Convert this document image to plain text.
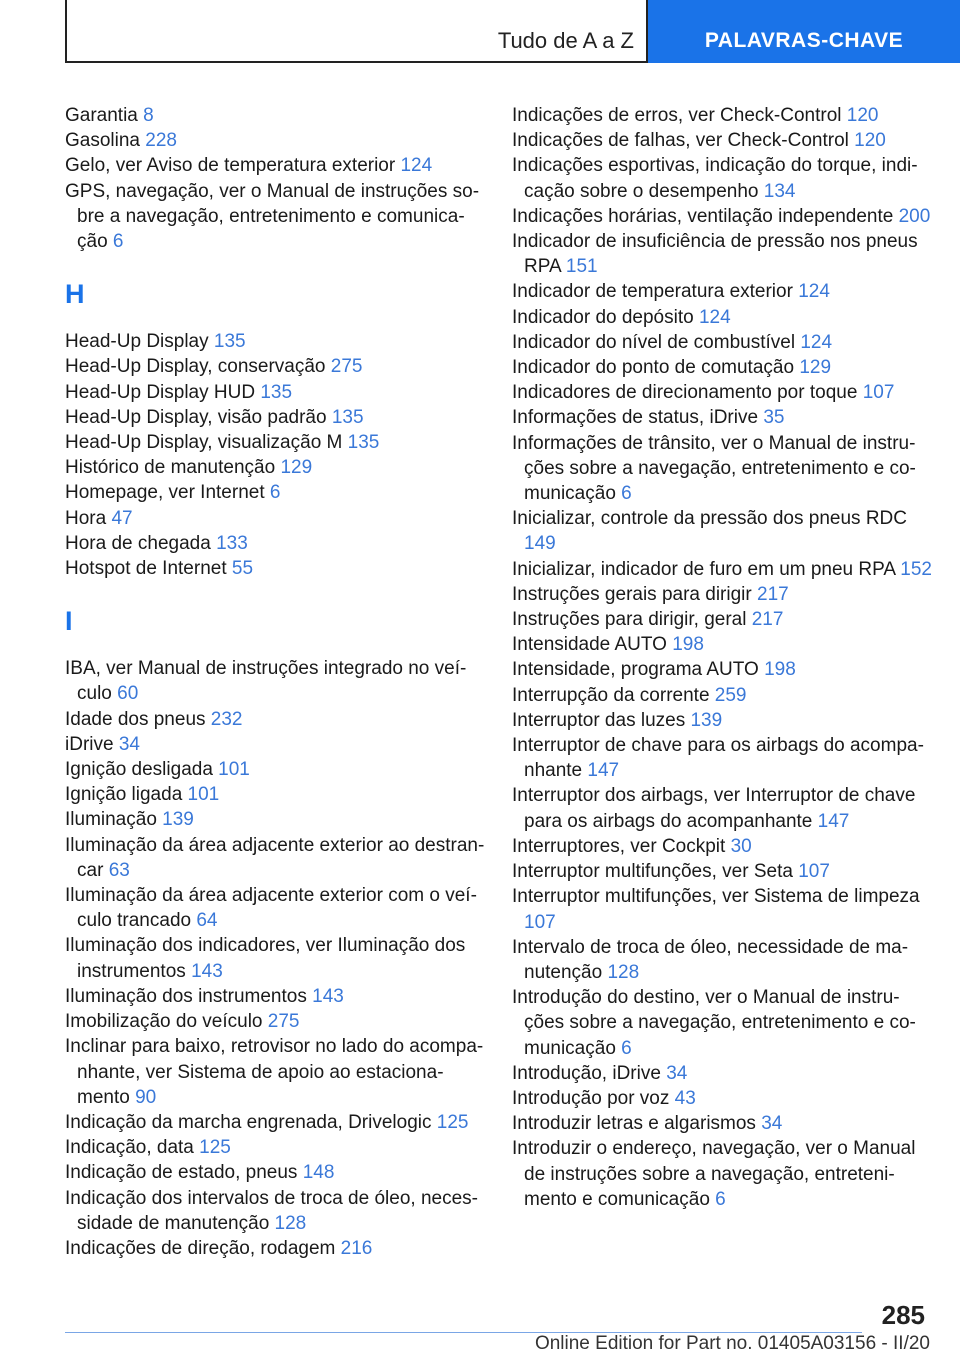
Tudo de A a Z	PALAVRAS-CHAVE
Garantia 8
Gasolina 228
Gelo, ver Aviso de temperatura exterior 124
GPS, navegação, ver o Manual de instruções sobre a navegação, entretenimento e comunicação 6
H
Head-Up Display 135
Head-Up Display, conservação 275
Head-Up Display HUD 135
Head-Up Display, visão padrão 135
Head-Up Display, visualização M 135
Histórico de manutenção 129
Homepage, ver Internet 6
Hora 47
Hora de chegada 133
Hotspot de Internet 55
I
IBA, ver Manual de instruções integrado no veículo 60
Idade dos pneus 232
iDrive 34
Ignição desligada 101
Ignição ligada 101
Iluminação 139
Iluminação da área adjacente exterior ao destrancar 63
Iluminação da área adjacente exterior com o veículo trancado 64
Iluminação dos indicadores, ver Iluminação dos instrumentos 143
Iluminação dos instrumentos 143
Imobilização do veículo 275
Inclinar para baixo, retrovisor no lado do acompanhante, ver Sistema de apoio ao estacionamento 90
Indicação da marcha engrenada, Drivelogic 125
Indicação, data 125
Indicação de estado, pneus 148
Indicação dos intervalos de troca de óleo, necessidade de manutenção 128
Indicações de direção, rodagem 216
Indicações de erros, ver Check-Control 120
Indicações de falhas, ver Check-Control 120
Indicações esportivas, indicação do torque, indicação sobre o desempenho 134
Indicações horárias, ventilação independente 200
Indicador de insuficiência de pressão nos pneus RPA 151
Indicador de temperatura exterior 124
Indicador do depósito 124
Indicador do nível de combustível 124
Indicador do ponto de comutação 129
Indicadores de direcionamento por toque 107
Informações de status, iDrive 35
Informações de trânsito, ver o Manual de instruções sobre a navegação, entretenimento e comunicação 6
Inicializar, controle da pressão dos pneus RDC 149
Inicializar, indicador de furo em um pneu RPA 152
Instruções gerais para dirigir 217
Instruções para dirigir, geral 217
Intensidade AUTO 198
Intensidade, programa AUTO 198
Interrupção da corrente 259
Interruptor das luzes 139
Interruptor de chave para os airbags do acompanhante 147
Interruptor dos airbags, ver Interruptor de chave para os airbags do acompanhante 147
Interruptores, ver Cockpit 30
Interruptor multifunções, ver Seta 107
Interruptor multifunções, ver Sistema de limpeza 107
Intervalo de troca de óleo, necessidade de manutenção 128
Introdução do destino, ver o Manual de instruções sobre a navegação, entretenimento e comunicação 6
Introdução, iDrive 34
Introdução por voz 43
Introduzir letras e algarismos 34
Introduzir o endereço, navegação, ver o Manual de instruções sobre a navegação, entretenimento e comunicação 6
285
Online Edition for Part no. 01405A03156 - II/20
